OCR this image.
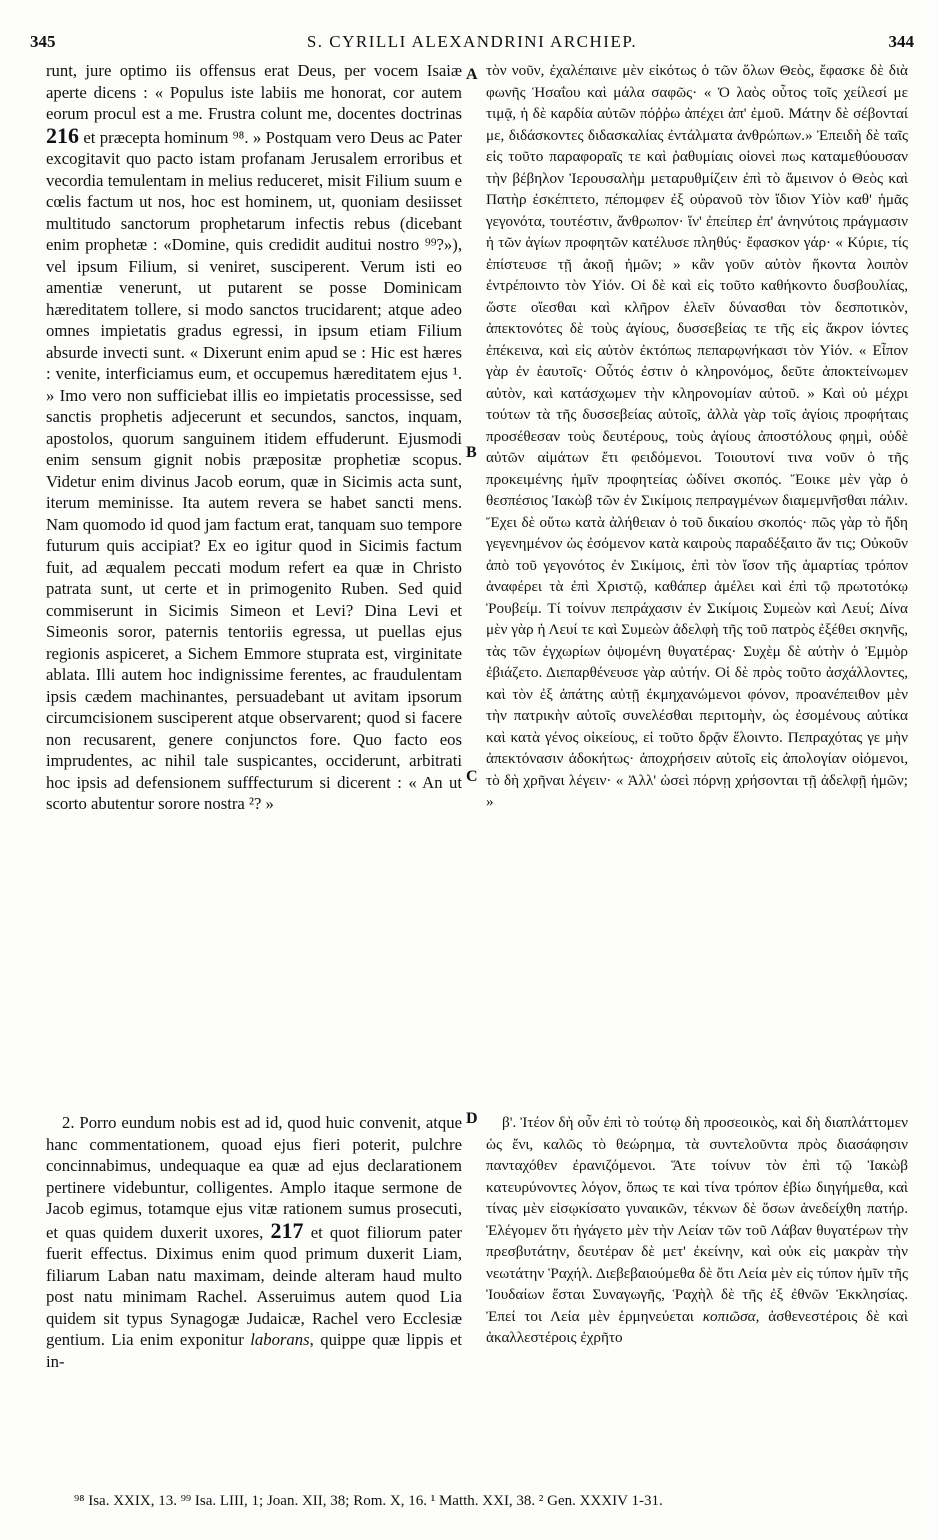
345	S. CYRILLI ALEXANDRINI ARCHIEP.	344

runt, jure optimo iis offensus erat Deus, per vocem Isaiæ aperte dicens : « Populus iste labiis me honorat, cor autem eorum procul est a me. Frustra colunt me, docentes doctrinas 216 et præcepta hominum ⁹⁸. » Postquam vero Deus ac Pater excogitavit quo pacto istam profanam Jerusalem erroribus et vecordia temulentam in melius reduceret, misit Filium suum e cœlis factum ut nos, hoc est hominem, ut, quoniam desiisset multitudo sanctorum prophetarum infectis rebus (dicebant enim prophetæ : «Domine, quis credidit auditui nostro ⁹⁹?»), vel ipsum Filium, si veniret, susciperent. Verum isti eo amentiæ venerunt, ut putarent se posse Dominicam hæreditatem tollere, si modo sanctos trucidarent; atque adeo omnes impietatis gradus egressi, in ipsum etiam Filium absurde invecti sunt. « Dixerunt enim apud se : Hic est hæres : venite, interficiamus eum, et occupemus hæreditatem ejus ¹. » Imo vero non sufficiebat illis eo impietatis processisse, sed sanctis prophetis adjecerunt et secundos, sanctos, inquam, apostolos, quorum sanguinem itidem effuderunt. Ejusmodi enim sensum gignit nobis præpositæ prophetiæ scopus. Videtur enim divinus Jacob eorum, quæ in Sicimis acta sunt, iterum meminisse. Ita autem revera se habet sancti mens. Nam quomodo id quod jam factum erat, tanquam suo tempore futurum quis accipiat? Ex eo igitur quod in Sicimis factum fuit, ad æqualem peccati modum refert ea quæ in Christo patrata sunt, ut certe et in primogenito Ruben. Sed quid commiserunt in Sicimis Simeon et Levi? Dina Levi et Simeonis soror, paternis tentoriis egressa, ut puellas ejus regionis aspiceret, a Sichem Emmore stuprata est, virginitate ablata. Illi autem hoc indignissime ferentes, ac fraudulentam ipsis cædem machinantes, persuadebant ut avitam ipsorum circumcisionem susciperent atque observarent; quod si facere non recusarent, genere conjunctos fore. Quo facto eos imprudentes, ac nihil tale suspicantes, occiderunt, arbitrati hoc ipsis ad defensionem sufffecturum si dicerent : « An ut scorto abutentur sorore nostra ²? »

τὸν νοῦν, ἐχαλέπαινε μὲν εἰκότως ὁ τῶν ὅλων Θεὸς, ἔφασκε δὲ διὰ φωνῆς Ἡσαΐου καὶ μάλα σαφῶς· « Ὁ λαὸς οὗτος τοῖς χείλεσί με τιμᾷ, ἡ δὲ καρδία αὐτῶν πόῤῥω ἀπέχει ἀπ' ἐμοῦ. Μάτην δὲ σέβονταί με, διδάσκοντες διδασκαλίας ἐντάλματα ἀνθρώπων.» Ἐπειδὴ δὲ ταῖς εἰς τοῦτο παραφοραῖς τε καὶ ῥαθυμίαις οἱονεὶ πως καταμεθύουσαν τὴν βέβηλον Ἱερουσαλὴμ μεταρυθμίζειν ἐπὶ τὸ ἄμεινον ὁ Θεὸς καὶ Πατὴρ ἐσκέπτετο, πέπομφεν ἐξ οὐρανοῦ τὸν ἴδιον Υἱὸν καθ' ἡμᾶς γεγονότα, τουτέστιν, ἄνθρωπον· ἵν' ἐπείπερ ἐπ' ἀνηνύτοις πράγμασιν ἡ τῶν ἁγίων προφητῶν κατέλυσε πληθύς· ἔφασκον γάρ· « Κύριε, τίς ἐπίστευσε τῇ ἀκοῇ ἡμῶν; » κἂν γοῦν αὐτὸν ἥκοντα λοιπὸν ἐντρέποιντο τὸν Υἱόν. Οἱ δὲ καὶ εἰς τοῦτο καθήκοντο δυσβουλίας, ὥστε οἴεσθαι καὶ κλῆρον ἑλεῖν δύνασθαι τὸν δεσποτικὸν, ἀπεκτονότες δὲ τοὺς ἁγίους, δυσσεβείας τε τῆς εἰς ἄκρον ἰόντες ἐπέκεινα, καὶ εἰς αὐτὸν ἐκτόπως πεπαρῳνήκασι τὸν Υἱόν. « Εἶπον γὰρ ἐν ἑαυτοῖς· Οὗτός ἐστιν ὁ κληρονόμος, δεῦτε ἀποκτείνωμεν αὐτὸν, καὶ κατάσχωμεν τὴν κληρονομίαν αὐτοῦ. » Καὶ οὐ μέχρι τούτων τὰ τῆς δυσσεβείας αὐτοῖς, ἀλλὰ γὰρ τοῖς ἁγίοις προφήταις προσέθεσαν τοὺς δευτέρους, τοὺς ἁγίους ἀποστόλους φημὶ, οὐδὲ αὐτῶν αἱμάτων ἔτι φειδόμενοι. Τοιουτονί τινα νοῦν ὁ τῆς προκειμένης ἡμῖν προφητείας ὠδίνει σκοπός. Ἔοικε μὲν γὰρ ὁ θεσπέσιος Ἰακὼβ τῶν ἐν Σικίμοις πεπραγμένων διαμεμνῆσθαι πάλιν. Ἔχει δὲ οὕτω κατὰ ἀλήθειαν ὁ τοῦ δικαίου σκοπός· πῶς γὰρ τὸ ἤδη γεγενημένον ὡς ἐσόμενον κατὰ καιροὺς παραδέξαιτο ἄν τις; Οὐκοῦν ἀπὸ τοῦ γεγονότος ἐν Σικίμοις, ἐπὶ τὸν ἴσον τῆς ἁμαρτίας τρόπον ἀναφέρει τὰ ἐπὶ Χριστῷ, καθάπερ ἀμέλει καὶ ἐπὶ τῷ πρωτοτόκῳ Ῥουβείμ. Τί τοίνυν πεπράχασιν ἐν Σικίμοις Συμεὼν καὶ Λευί; Δίνα μὲν γὰρ ἡ Λευί τε καὶ Συμεὼν ἀδελφὴ τῆς τοῦ πατρὸς ἐξέθει σκηνῆς, τὰς τῶν ἐγχωρίων ὀψομένη θυγατέρας· Συχὲμ δὲ αὐτὴν ὁ Ἐμμὸρ ἐβιάζετο. Διεπαρθένευσε γὰρ αὐτήν. Οἱ δὲ πρὸς τοῦτο ἀσχάλλοντες, καὶ τὸν ἐξ ἀπάτης αὐτῇ ἐκμηχανώμενοι φόνον, προανέπειθον μὲν τὴν πατρικὴν αὐτοῖς συνελέσθαι περιτομὴν, ὡς ἐσομένους αὐτίκα καὶ κατὰ γένος οἰκείους, εἰ τοῦτο δρᾷν ἕλοιντο. Πεπραχότας γε μὴν ἀπεκτόνασιν ἀδοκήτως· ἀποχρήσειν αὐτοῖς εἰς ἀπολογίαν οἰόμενοι, τὸ δὴ χρῆναι λέγειν· « Ἀλλ' ὡσεὶ πόρνῃ χρήσονται τῇ ἀδελφῇ ἡμῶν; »

A
B
C
D

2. Porro eundum nobis est ad id, quod huic convenit, atque hanc commentationem, quoad ejus fieri poterit, pulchre concinnabimus, undequaque ea quæ ad ejus declarationem pertinere videbuntur, colligentes. Amplo itaque sermone de Jacob egimus, totamque ejus vitæ rationem sumus prosecuti, et quas quidem duxerit uxores, 217 et quot filiorum pater fuerit effectus. Diximus enim quod primum duxerit Liam, filiarum Laban natu maximam, deinde alteram haud multo post natu minimam Rachel. Asseruimus autem quod Lia quidem sit typus Synagogæ Judaicæ, Rachel vero Ecclesiæ gentium. Lia enim exponitur laborans, quippe quæ lippis et in-

β'. Ἰτέον δὴ οὖν ἐπὶ τὸ τούτῳ δὴ προσεοικὸς, καὶ δὴ διαπλάττομεν ὡς ἔνι, καλῶς τὸ θεώρημα, τὰ συντελοῦντα πρὸς διασάφησιν πανταχόθεν ἐρανιζόμενοι. Ἅτε τοίνυν τὸν ἐπὶ τῷ Ἰακὼβ κατευρύνοντες λόγον, ὅπως τε καὶ τίνα τρόπον ἐβίω διηγήμεθα, καὶ τίνας μὲν εἰσῳκίσατο γυναικῶν, τέκνων δὲ ὅσων ἀνεδείχθη πατήρ. Ἐλέγομεν ὅτι ἠγάγετο μὲν τὴν Λείαν τῶν τοῦ Λάβαν θυγατέρων τὴν πρεσβυτάτην, δευτέραν δὲ μετ' ἐκείνην, καὶ οὐκ εἰς μακρὰν τὴν νεωτάτην Ῥαχήλ. Διεβεβαιούμεθα δὲ ὅτι Λεία μὲν εἰς τύπον ἡμῖν τῆς Ἰουδαίων ἔσται Συναγωγῆς, Ῥαχὴλ δὲ τῆς ἐξ ἐθνῶν Ἐκκλησίας. Ἐπεί τοι Λεία μὲν ἑρμηνεύεται κοπιῶσα, ἀσθενεστέροις δὲ καὶ ἀκαλλεστέροις ἐχρῆτο

⁹⁸ Isa. XXIX, 13. ⁹⁹ Isa. LIII, 1; Joan. XII, 38; Rom. X, 16. ¹ Matth. XXI, 38. ² Gen. XXXIV 1-31.
